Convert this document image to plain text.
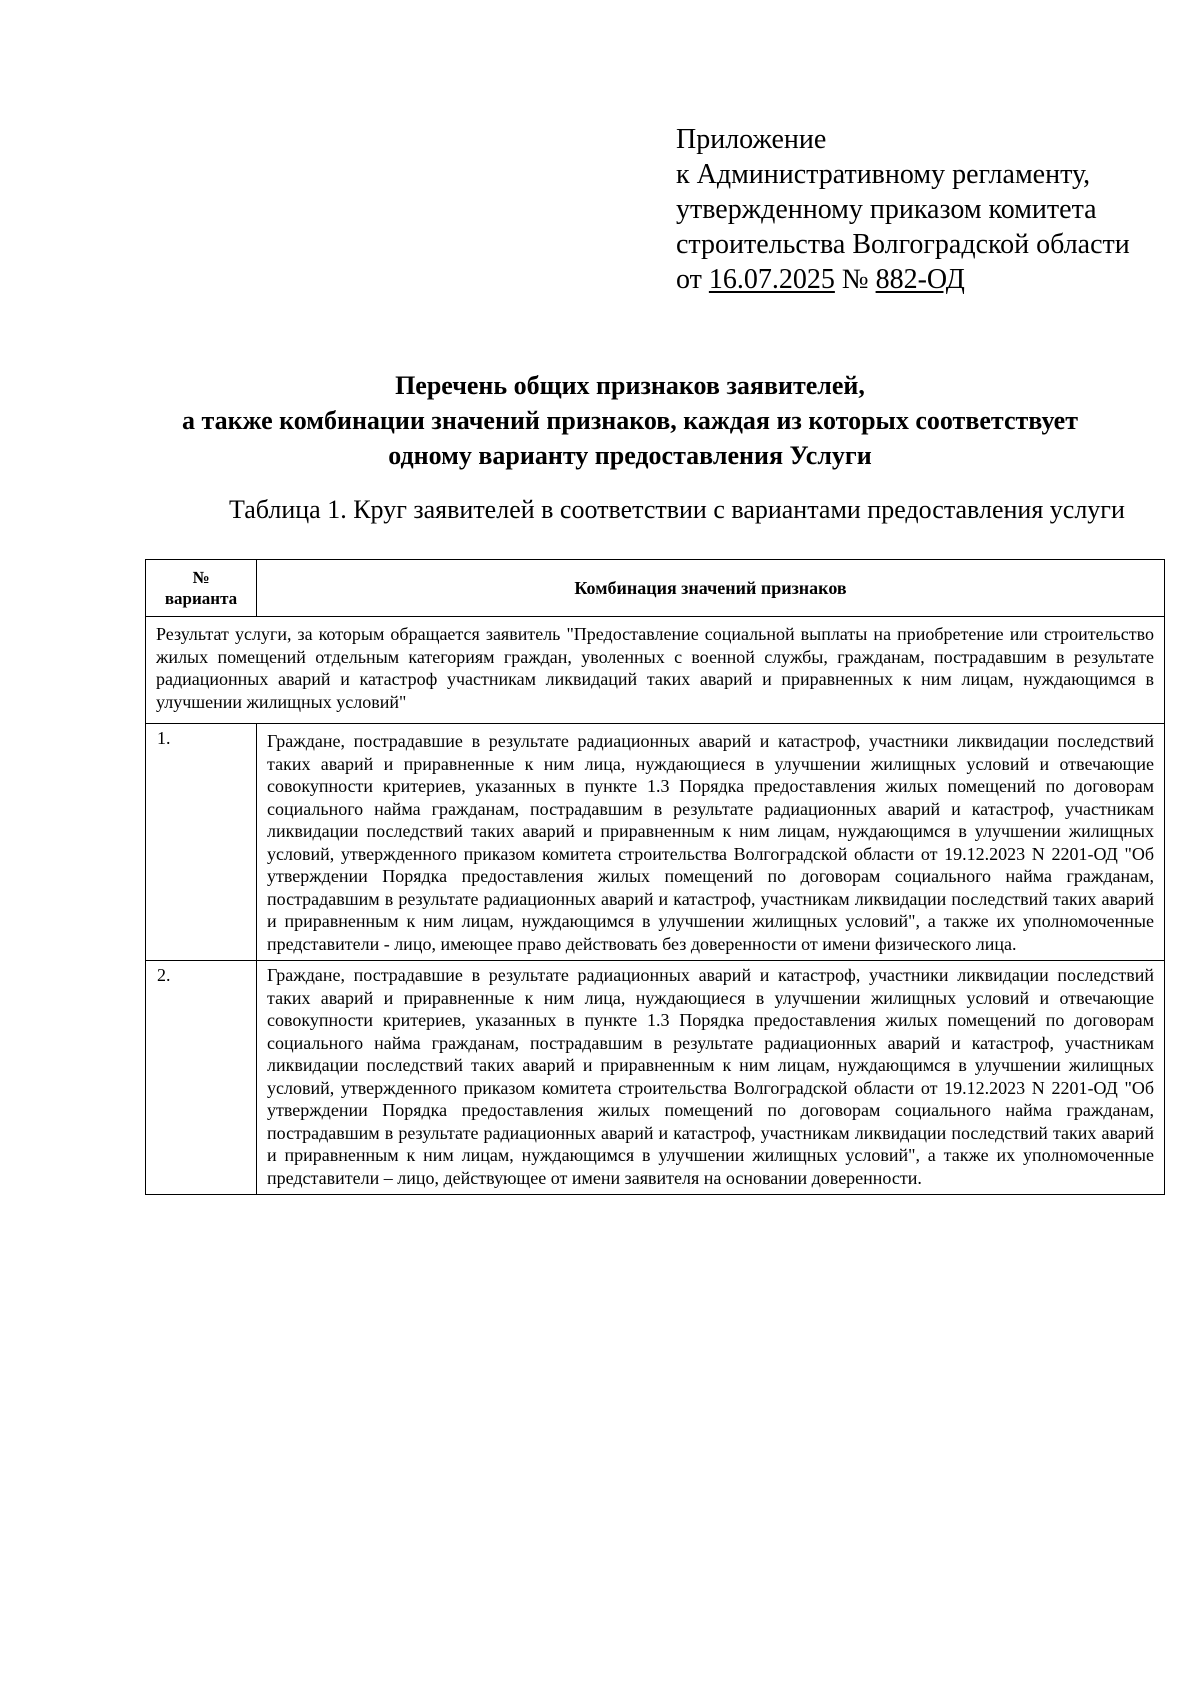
Приложение
к Административному регламенту,
утвержденному приказом комитета
строительства Волгоградской области
от 16.07.2025 № 882-ОД
Перечень общих признаков заявителей,
а также комбинации значений признаков, каждая из которых соответствует
одному варианту предоставления Услуги
Таблица 1. Круг заявителей в соответствии с вариантами предоставления услуги
№
варианта	Комбинация значений признаков
Результат услуги, за которым обращается заявитель "Предоставление социальной выплаты на приобретение или строительство жилых помещений отдельным категориям граждан, уволенных с военной службы, гражданам, пострадавшим в результате радиационных аварий и катастроф участникам ликвидаций таких аварий и приравненных к ним лицам, нуждающимся в улучшении жилищных условий"	
1.	Граждане, пострадавшие в результате радиационных аварий и катастроф, участники ликвидации последствий таких аварий и приравненные к ним лица, нуждающиеся в улучшении жилищных условий и отвечающие совокупности критериев, указанных в пункте 1.3 Порядка предоставления жилых помещений по договорам социального найма гражданам, пострадавшим в результате радиационных аварий и катастроф, участникам ликвидации последствий таких аварий и приравненным к ним лицам, нуждающимся в улучшении жилищных условий, утвержденного приказом комитета строительства Волгоградской области от 19.12.2023 N 2201-ОД "Об утверждении Порядка предоставления жилых помещений по договорам социального найма гражданам, пострадавшим в результате радиационных аварий и катастроф, участникам ликвидации последствий таких аварий и приравненным к ним лицам, нуждающимся в улучшении жилищных условий", а также их уполномоченные представители - лицо, имеющее право действовать без доверенности от имени физического лица.
2.	Граждане, пострадавшие в результате радиационных аварий и катастроф, участники ликвидации последствий таких аварий и приравненные к ним лица, нуждающиеся в улучшении жилищных условий и отвечающие совокупности критериев, указанных в пункте 1.3 Порядка предоставления жилых помещений по договорам социального найма гражданам, пострадавшим в результате радиационных аварий и катастроф, участникам ликвидации последствий таких аварий и приравненным к ним лицам, нуждающимся в улучшении жилищных условий, утвержденного приказом комитета строительства Волгоградской области от 19.12.2023 N 2201-ОД "Об утверждении Порядка предоставления жилых помещений по договорам социального найма гражданам, пострадавшим в результате радиационных аварий и катастроф, участникам ликвидации последствий таких аварий и приравненным к ним лицам, нуждающимся в улучшении жилищных условий", а также их уполномоченные представители – лицо, действующее от имени заявителя на основании доверенности.
